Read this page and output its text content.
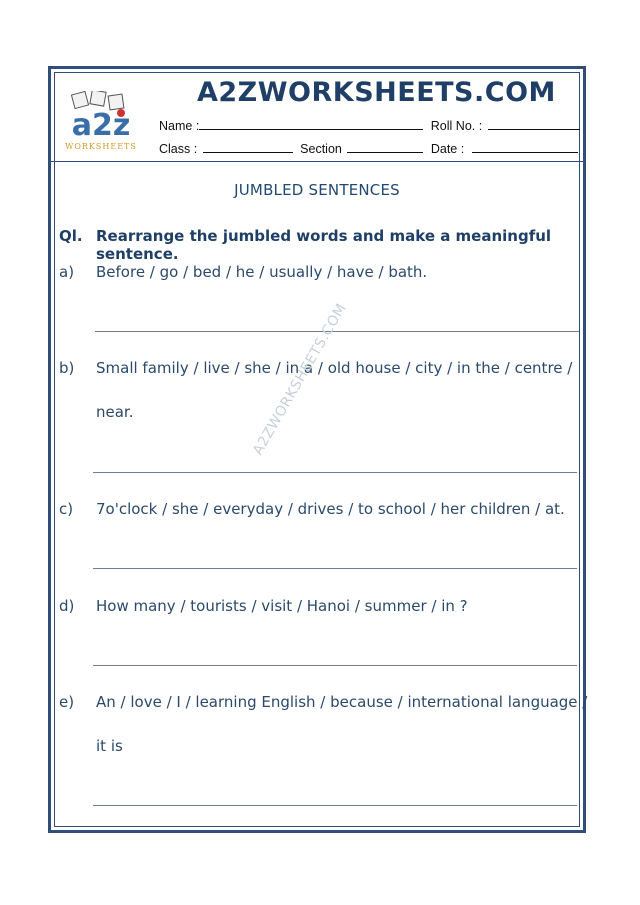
a2z
WORKSHEETS
A2ZWORKSHEETS.COM
Name :	Roll No. :
Class :	Section	Date :
JUMBLED SENTENCES
Ql. Rearrange the jumbled words and make a meaningful sentence.
a) Before / go / bed / he / usually / have / bath.
b) Small family / live / she / in a / old house / city / in the / centre /
near.
c) 7o'clock / she / everyday / drives / to school / her children / at.
d) How many / tourists / visit / Hanoi / summer / in ?
e) An / love / I / learning English / because / international language /
it is
A2ZWORKSHEETS.COM
